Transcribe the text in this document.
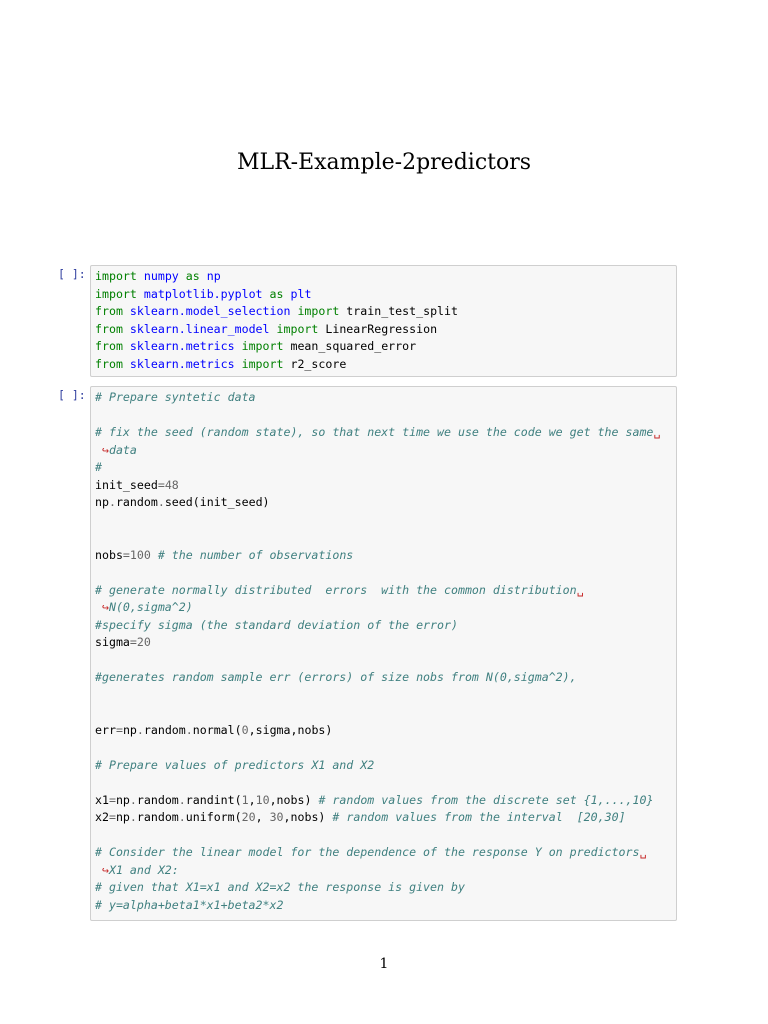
MLR-Example-2predictors
[ ]: import numpy as np
import matplotlib.pyplot as plt
from sklearn.model_selection import train_test_split
from sklearn.linear_model import LinearRegression
from sklearn.metrics import mean_squared_error
from sklearn.metrics import r2_score
[ ]: # Prepare syntetic data
# fix the seed (random state), so that next time we use the code we get the same␣
↪data
#
init_seed=48
np.random.seed(init_seed)
nobs=100 # the number of observations
# generate normally distributed  errors  with the common distribution␣
↪N(0,sigma^2)
#specify sigma (the standard deviation of the error)
sigma=20
#generates random sample err (errors) of size nobs from N(0,sigma^2),
err=np.random.normal(0,sigma,nobs)
# Prepare values of predictors X1 and X2
x1=np.random.randint(1,10,nobs) # random values from the discrete set {1,...,10}
x2=np.random.uniform(20, 30,nobs) # random values from the interval  [20,30]
# Consider the linear model for the dependence of the response Y on predictors␣
↪X1 and X2:
# given that X1=x1 and X2=x2 the response is given by
# y=alpha+beta1*x1+beta2*x2
1
